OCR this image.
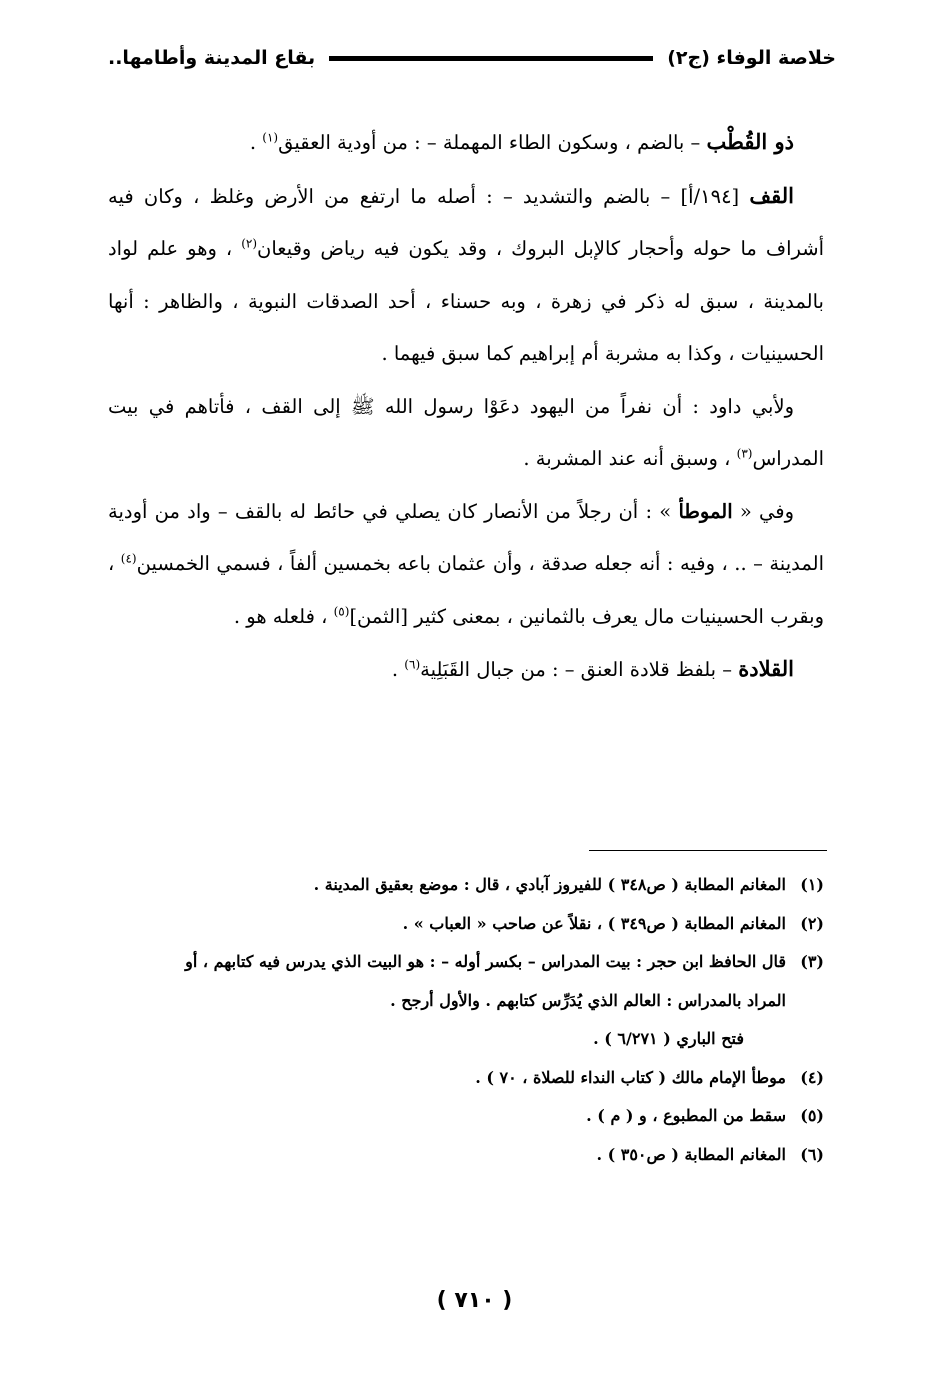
خلاصة الوفاء (ج٢)
بقاع المدينة وأطامها..

ذو القُطْب – بالضم ، وسكون الطاء المهملة – : من أودية العقيق$^{(١)}$ .

القف [١٩٤/أ] – بالضم والتشديد – : أصله ما ارتفع من الأرض وغلظ ، وكان فيه أشراف ما حوله وأحجار كالإبل البروك ، وقد يكون فيه رياض وقيعان$^{(٢)}$ ، وهو علم لواد بالمدينة ، سبق له ذكر في زهرة ، وبه حسناء ، أحد الصدقات النبوية ، والظاهر : أنها الحسينيات ، وكذا به مشربة أم إبراهيم كما سبق فيهما .

ولأبي داود : أن نفراً من اليهود دعَوْا رسول الله ﷺ إلى القف ، فأتاهم في بيت المدراس$^{(٣)}$ ، وسبق أنه عند المشربة .

وفي « الموطأ » : أن رجلاً من الأنصار كان يصلي في حائط له بالقف – واد من أودية المدينة – .. ، وفيه : أنه جعله صدقة ، وأن عثمان باعه بخمسين ألفاً ، فسمي الخمسين$^{(٤)}$ ، وبقرب الحسينيات مال يعرف بالثمانين ، بمعنى كثير [الثمن]$^{(٥)}$ ، فلعله هو .

القلادة – بلفظ قلادة العنق – : من جبال القَبَلِية$^{(٦)}$ .

(١)
المغانم المطابة ( ص٣٤٨ ) للفيروز آبادي ، قال : موضع بعقيق المدينة .
(٢)
المغانم المطابة ( ص٣٤٩ ) ، نقلاً عن صاحب « العباب » .
(٣)
قال الحافظ ابن حجر : بيت المدراس – بكسر أوله – : هو البيت الذي يدرس فيه كتابهم ، أو
المراد بالمدراس : العالم الذي يُدَرِّس كتابهم . والأول أرجح .
فتح الباري ( ٦/٢٧١ ) .
(٤)
موطأ الإمام مالك ( كتاب النداء للصلاة ، ٧٠ ) .
(٥)
سقط من المطبوع ، و ( م ) .
(٦)
المغانم المطابة ( ص٣٥٠ ) .
( ٧١٠ )
